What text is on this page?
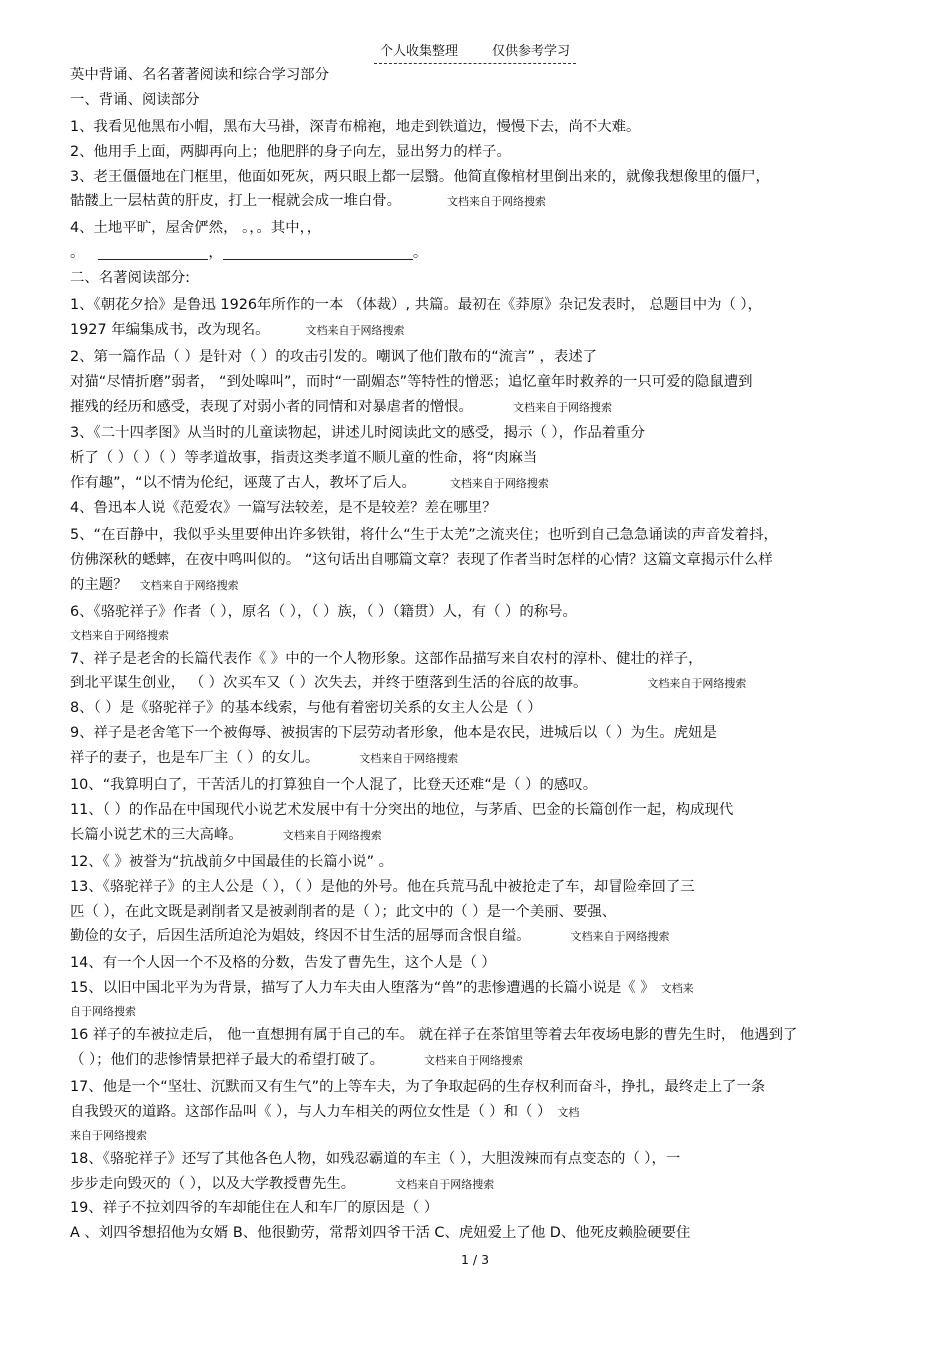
个人收集整理	仅供参考学习
英中背诵、名名著著阅读和综合学习部分
一、背诵、阅读部分
1、我看见他黑布小帽，黑布大马褂，深青布棉袍，地走到铁道边，慢慢下去，尚不大难。
2、他用手上面，两脚再向上；他肥胖的身子向左，显出努力的样子。
3、老王僵僵地在门框里，他面如死灰，两只眼上都一层翳。他简直像棺材里倒出来的，就像我想像里的僵尸，
骷髅上一层枯黄的肝皮，打上一棍就会成一堆白骨。	文档来自于网络搜索
4、土地平旷，屋舍俨然， 。，。其中，，
。	，	。
二、名著阅读部分:
1、《朝花夕拾》是鲁迅 1926年所作的一本 （体裁）, 共篇。最初在《莽原》杂记发表时， 总题目中为（ ），
1927 年编集成书，改为现名。	文档来自于网络搜索
2、第一篇作品（ ）是针对（ ）的攻击引发的。嘲讽了他们散布的“流言” ，表述了
对猫“尽情折磨”弱者， “到处嗥叫”，而时“一副媚态”等特性的憎恶；追忆童年时救养的一只可爱的隐鼠遭到
摧残的经历和感受，表现了对弱小者的同情和对暴虐者的憎恨。	文档来自于网络搜索
3、《二十四孝图》从当时的儿童读物起，讲述儿时阅读此文的感受，揭示（ ），作品着重分
析了（ ）（ ）（ ）等孝道故事，指责这类孝道不顺儿童的性命，将“肉麻当
作有趣”，“以不情为伦纪，诬蔑了古人，教坏了后人。	文档来自于网络搜索
4、鲁迅本人说《范爱农》一篇写法较差，是不是较差？差在哪里？
5、“在百静中，我似乎头里要伸出许多铁钳，将什么“生于太羌”之流夹住；也听到自己急急诵读的声音发着抖，
仿佛深秋的蟋蟀，在夜中鸣叫似的。 “这句话出自哪篇文章？表现了作者当时怎样的心情？这篇文章揭示什么样
的主题？ 文档来自于网络搜索
6、《骆驼祥子》作者（ ），原名（ ），（ ）族，（ ）（籍贯）人，有（ ）的称号。
文档来自于网络搜索
7、祥子是老舍的长篇代表作《 》中的一个人物形象。这部作品描写来自农村的淳朴、健壮的祥子，
到北平谋生创业， （ ）次买车又（ ）次失去，并终于堕落到生活的谷底的故事。	文档来自于网络搜索
8、（ ）是《骆驼祥子》的基本线索，与他有着密切关系的女主人公是（ ）
9、祥子是老舍笔下一个被侮辱、被损害的下层劳动者形象，他本是农民，进城后以（ ）为生。虎妞是
祥子的妻子，也是车厂主（ ）的女儿。	文档来自于网络搜索
10、“我算明白了，干苦活儿的打算独自一个人混了，比登天还难“是（ ）的感叹。
11、（ ）的作品在中国现代小说艺术发展中有十分突出的地位，与茅盾、巴金的长篇创作一起，构成现代
长篇小说艺术的三大高峰。	文档来自于网络搜索
12、《 》被誉为“抗战前夕中国最佳的长篇小说” 。
13、《骆驼祥子》的主人公是（ ），（ ）是他的外号。他在兵荒马乱中被抢走了车，却冒险牵回了三
匹（ ），在此文既是剥削者又是被剥削者的是（ ）；此文中的（ ）是一个美丽、要强、
勤俭的女子，后因生活所迫沦为娼妓，终因不甘生活的屈辱而含恨自缢。	文档来自于网络搜索
14、有一个人因一个不及格的分数，告发了曹先生，这个人是（ ）
15、以旧中国北平为为背景，描写了人力车夫由人堕落为“兽”的悲惨遭遇的长篇小说是《 》 文档来
自于网络搜索
16 祥子的车被拉走后， 他一直想拥有属于自己的车。 就在祥子在茶馆里等着去年夜场电影的曹先生时， 他遇到了
（ ）；他们的悲惨情景把祥子最大的希望打破了。	文档来自于网络搜索
17、他是一个“坚壮、沉默而又有生气”的上等车夫，为了争取起码的生存权利而奋斗，挣扎，最终走上了一条
自我毁灭的道路。这部作品叫《 ），与人力车相关的两位女性是（ ）和（ ） 文档
来自于网络搜索
18、《骆驼祥子》还写了其他各色人物，如残忍霸道的车主（ ），大胆泼辣而有点变态的（ ），一
步步走向毁灭的（ ），以及大学教授曹先生。	文档来自于网络搜索
19、祥子不拉刘四爷的车却能住在人和车厂的原因是（ ）
A 、刘四爷想招他为女婿 B、他很勤劳，常帮刘四爷干活 C、虎妞爱上了他 D、他死皮赖脸硬要住
1 / 3
